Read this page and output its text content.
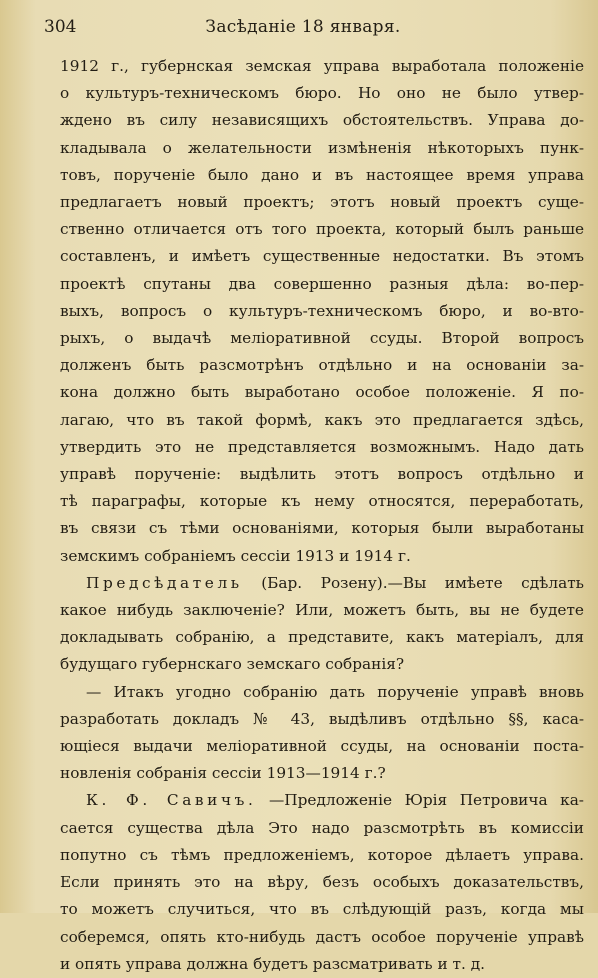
304	Засѣданіе 18 января.

1912 г., губернская земская управа выработала положеніе
о культуръ-техническомъ бюро. Но оно не было утвер-
ждено въ силу независящихъ обстоятельствъ. Управа до-
кладывала о желательности измѣненія нѣкоторыхъ пунк-
товъ, порученіе было дано и въ настоящее время управа
предлагаетъ новый проектъ; этотъ новый проектъ суще-
ственно отличается отъ того проекта, который былъ раньше
составленъ, и имѣетъ существенные недостатки. Въ этомъ
проектѣ спутаны два совершенно разныя дѣла: во-пер-
выхъ, вопросъ о культуръ-техническомъ бюро, и во-вто-
рыхъ, о выдачѣ меліоративной ссуды. Второй вопросъ
долженъ быть разсмотрѣнъ отдѣльно и на основаніи за-
кона должно быть выработано особое положеніе. Я по-
лагаю, что въ такой формѣ, какъ это предлагается здѣсь,
утвердить это не представляется возможнымъ. Надо дать
управѣ порученіе: выдѣлить этотъ вопросъ отдѣльно и
тѣ параграфы, которые къ нему относятся, переработать,
въ связи съ тѣми основаніями, которыя были выработаны
земскимъ собраніемъ сессіи 1913 и 1914 г.

Предсѣдатель (Бар. Розену).—Вы имѣете сдѣлать
какое нибудь заключеніе? Или, можетъ быть, вы не будете
докладывать собранію, а представите, какъ матеріалъ, для
будущаго губернскаго земскаго собранія?

— Итакъ угодно собранію дать порученіе управѣ вновь
разработать докладъ № 43, выдѣливъ отдѣльно §§, каса-
ющіеся выдачи меліоративной ссуды, на основаніи поста-
новленія собранія сессіи 1913—1914 г.?

К. Ф. Савичъ. —Предложеніе Юрія Петровича ка-
сается существа дѣла Это надо разсмотрѣть въ комиссіи
попутно съ тѣмъ предложеніемъ, которое дѣлаетъ управа.
Если принять это на вѣру, безъ особыхъ доказательствъ,
то можетъ случиться, что въ слѣдующій разъ, когда мы
соберемся, опять кто-нибудь дастъ особое порученіе управѣ
и опять управа должна будетъ разсматривать и т. д.
